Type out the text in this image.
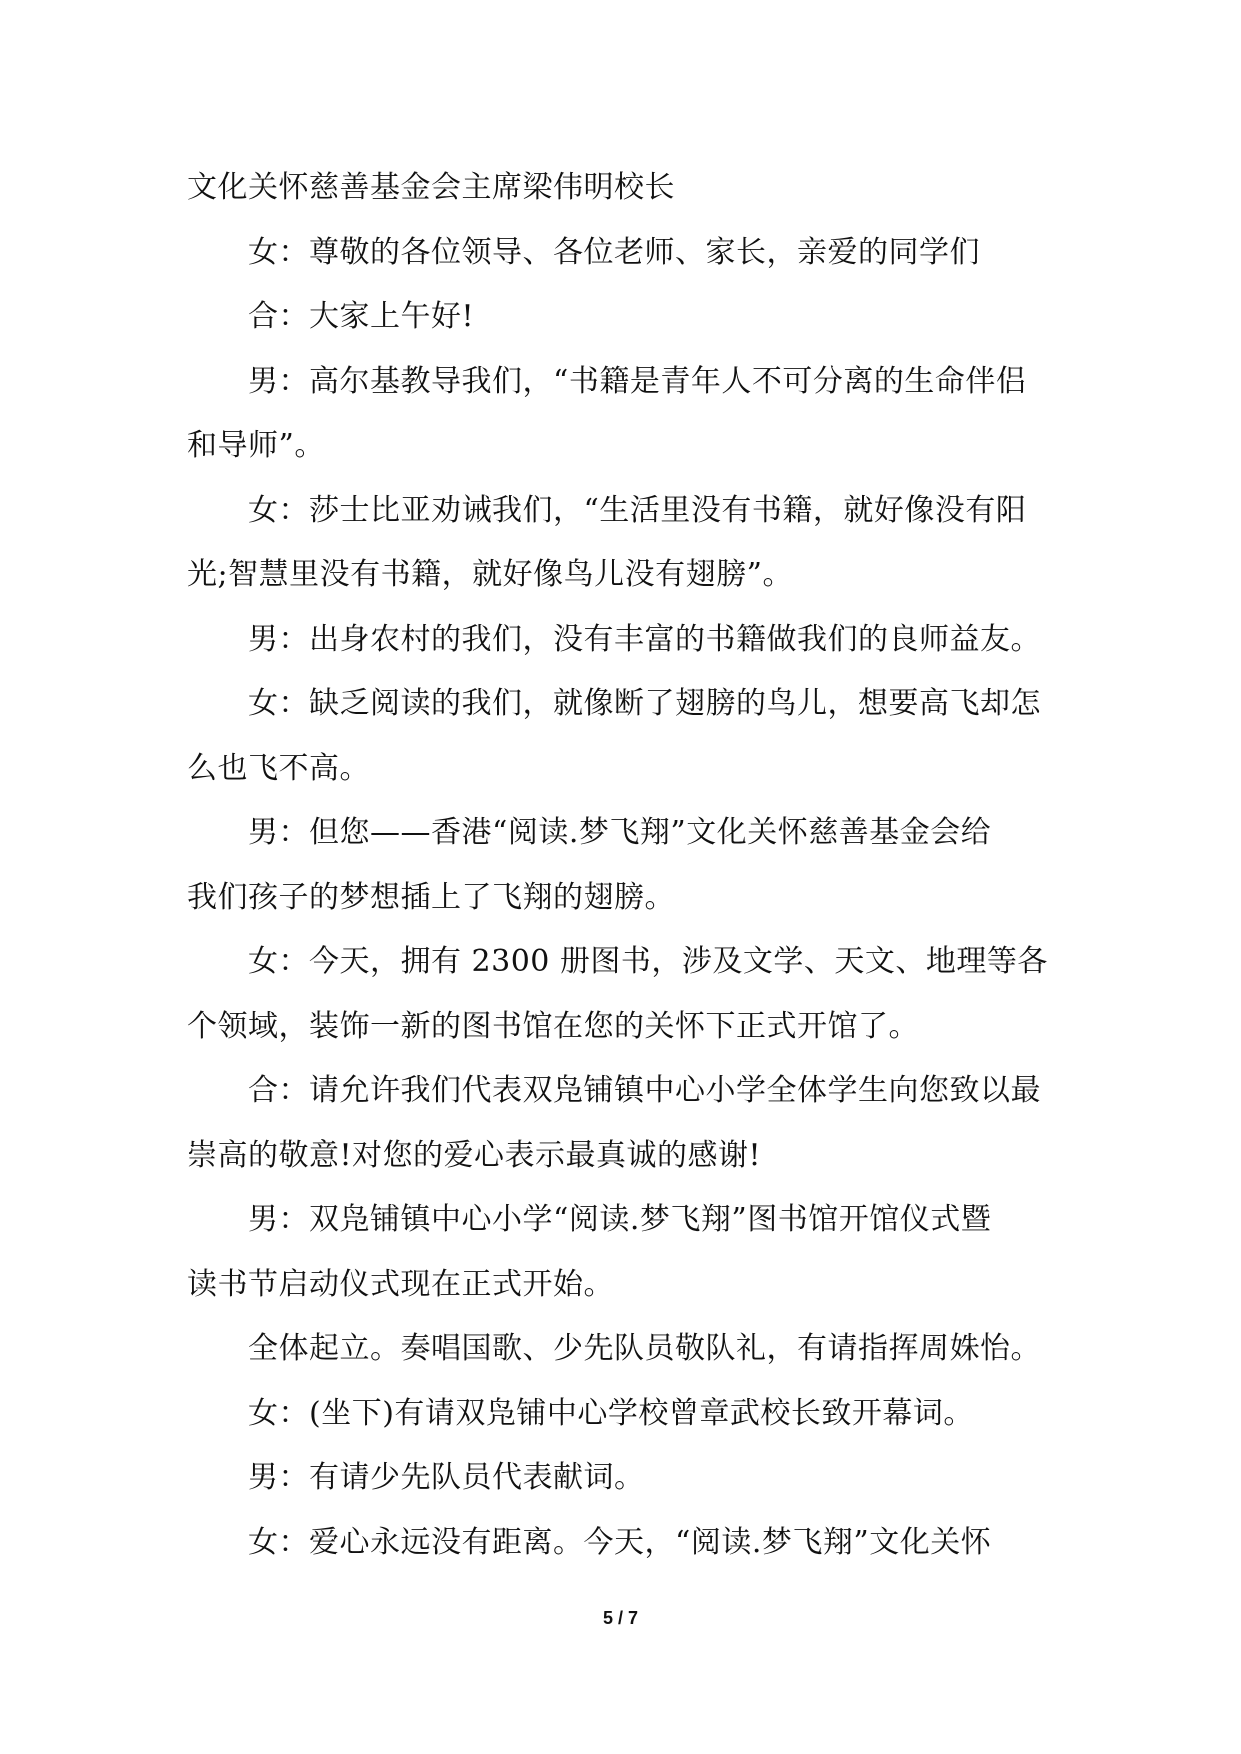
文化关怀慈善基金会主席梁伟明校长
女：尊敬的各位领导、各位老师、家长，亲爱的同学们
合：大家上午好!
男：高尔基教导我们，“书籍是青年人不可分离的生命伴侣
和导师”。
女：莎士比亚劝诫我们，“生活里没有书籍，就好像没有阳
光;智慧里没有书籍，就好像鸟儿没有翅膀”。
男：出身农村的我们，没有丰富的书籍做我们的良师益友。
女：缺乏阅读的我们，就像断了翅膀的鸟儿，想要高飞却怎
么也飞不高。
男：但您——香港“阅读.梦飞翔”文化关怀慈善基金会给
我们孩子的梦想插上了飞翔的翅膀。
女：今天，拥有 2300 册图书，涉及文学、天文、地理等各
个领域，装饰一新的图书馆在您的关怀下正式开馆了。
合：请允许我们代表双凫铺镇中心小学全体学生向您致以最
崇高的敬意!对您的爱心表示最真诚的感谢!
男：双凫铺镇中心小学“阅读.梦飞翔”图书馆开馆仪式暨
读书节启动仪式现在正式开始。
全体起立。奏唱国歌、少先队员敬队礼，有请指挥周姝怡。
女：(坐下)有请双凫铺中心学校曾章武校长致开幕词。
男：有请少先队员代表献词。
女：爱心永远没有距离。今天，“阅读.梦飞翔”文化关怀
5 / 7
